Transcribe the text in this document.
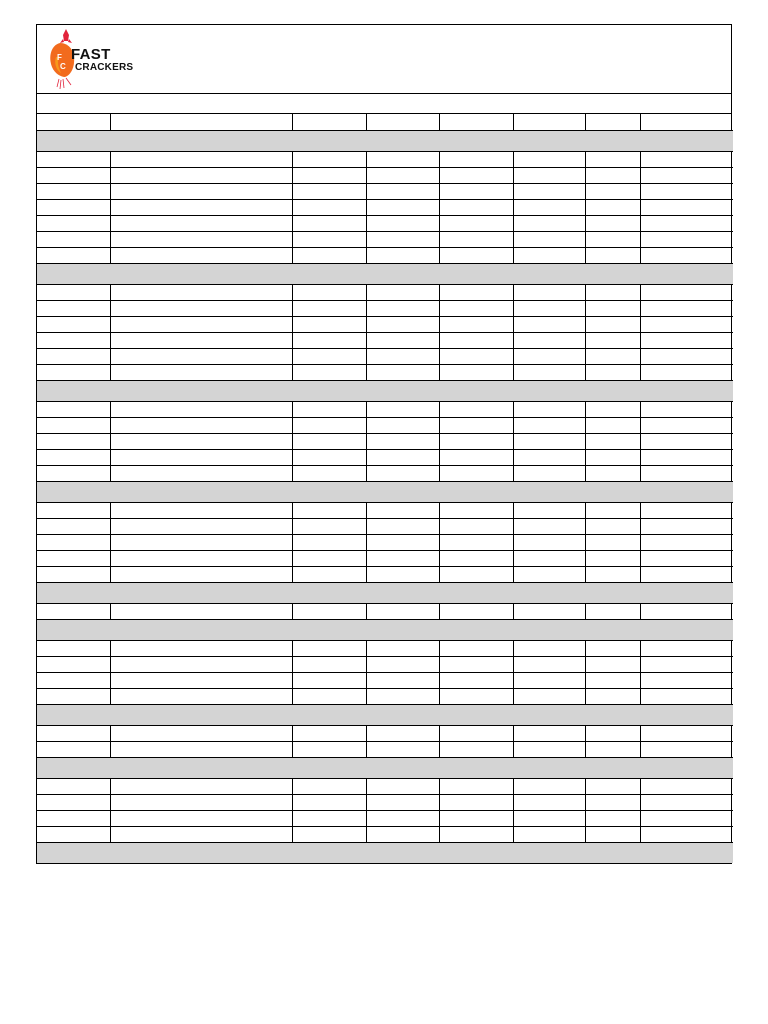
F
C
FAST
CRACKERS
